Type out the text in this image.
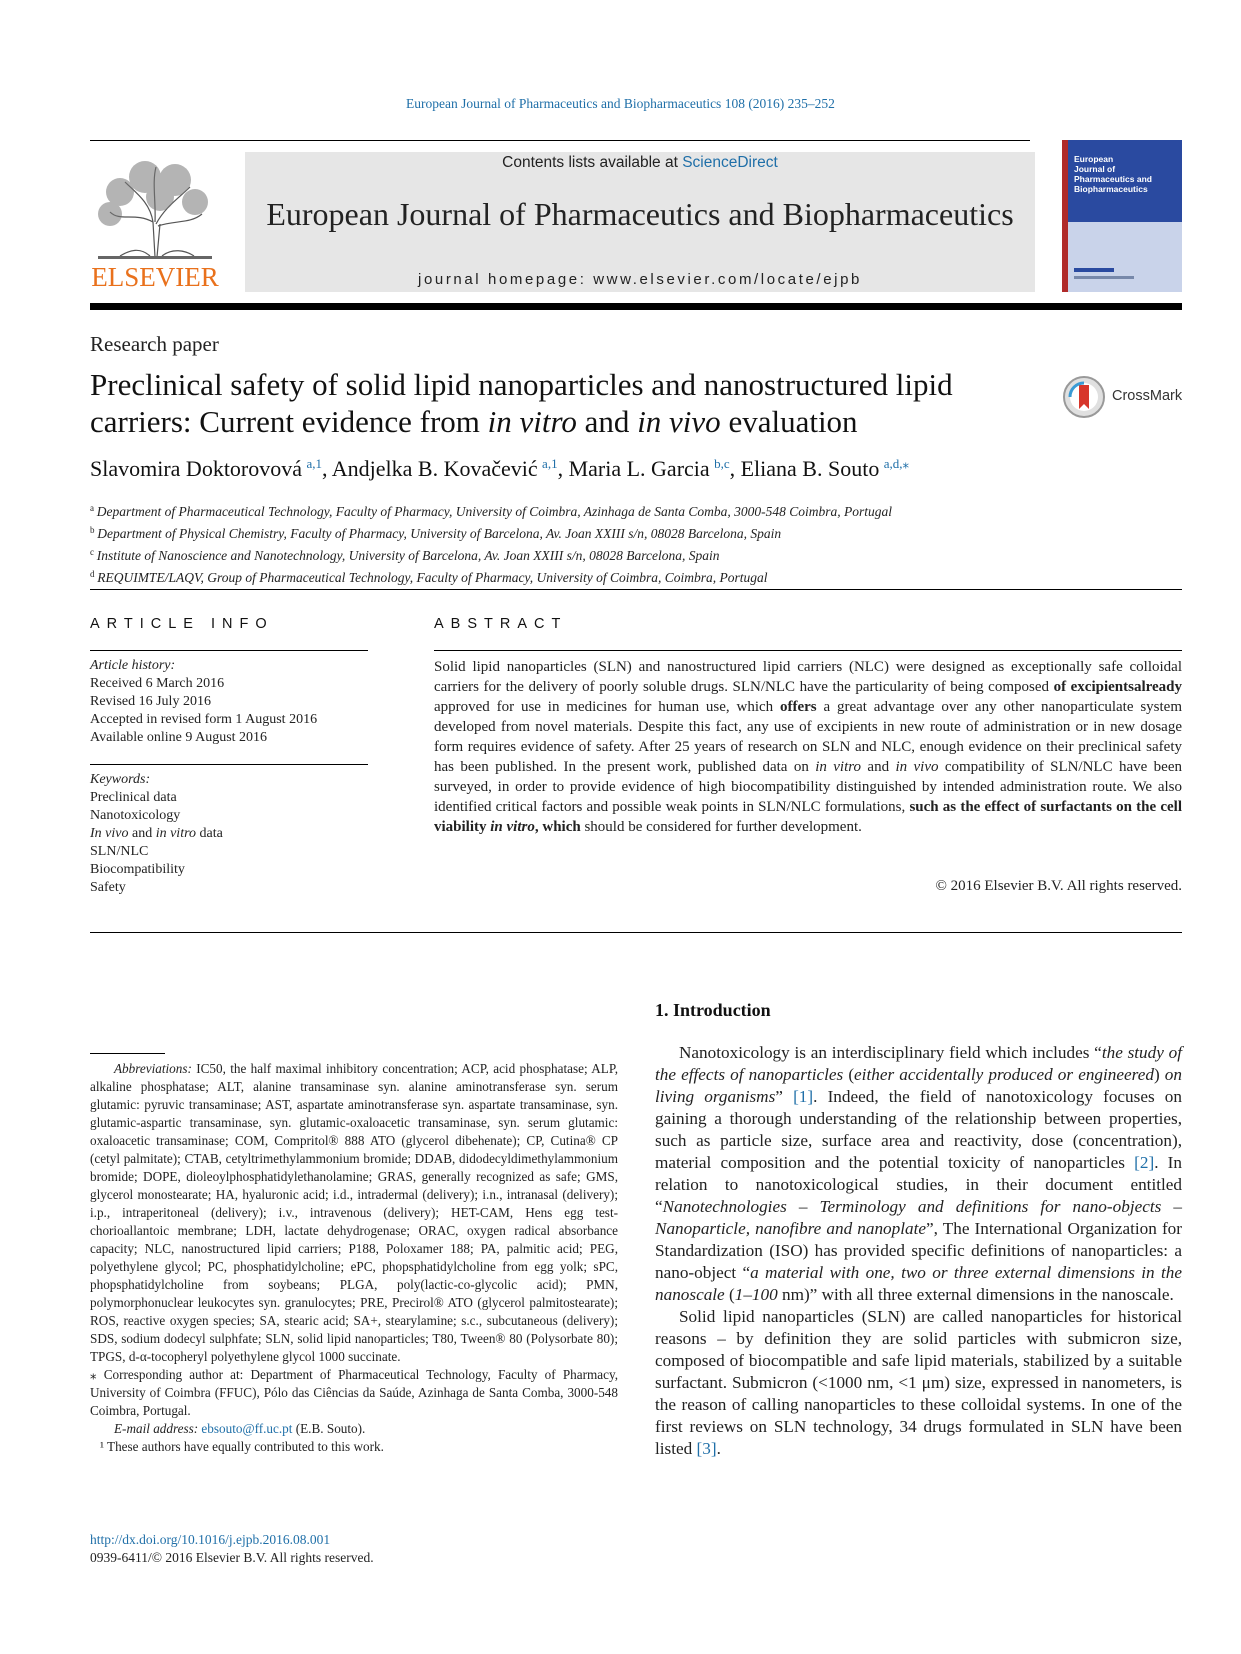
European Journal of Pharmaceutics and Biopharmaceutics 108 (2016) 235–252
ELSEVIER
Contents lists available at ScienceDirect
European Journal of Pharmaceutics and Biopharmaceutics
journal homepage: www.elsevier.com/locate/ejpb
European Journal of Pharmaceutics and Biopharmaceutics
Research paper
Preclinical safety of solid lipid nanoparticles and nanostructured lipid carriers: Current evidence from in vitro and in vivo evaluation
CrossMark
Slavomira Doktorovová  $^{a,1}$, Andjelka B. Kovačević  $^{a,1}$, Maria L. Garcia  $^{b,c}$, Eliana B. Souto  $^{a,d,⁎}$
$^a$  Department of Pharmaceutical Technology, Faculty of Pharmacy, University of Coimbra, Azinhaga de Santa Comba, 3000-548 Coimbra, Portugal
$^b$  Department of Physical Chemistry, Faculty of Pharmacy, University of Barcelona, Av. Joan XXIII s/n, 08028 Barcelona, Spain
$^c$  Institute of Nanoscience and Nanotechnology, University of Barcelona, Av. Joan XXIII s/n, 08028 Barcelona, Spain
$^d$  REQUIMTE/LAQV, Group of Pharmaceutical Technology, Faculty of Pharmacy, University of Coimbra, Coimbra, Portugal
ARTICLE INFO
Article history:
Received 6 March 2016
Revised 16 July 2016
Accepted in revised form 1 August 2016
Available online 9 August 2016
Keywords:
Preclinical data
Nanotoxicology
In vivo and in vitro data
SLN/NLC
Biocompatibility
Safety
ABSTRACT

Solid lipid nanoparticles (SLN) and nanostructured lipid carriers (NLC) were designed as exceptionally safe colloidal carriers for the delivery of poorly soluble drugs. SLN/NLC have the particularity of being composed of excipientsalready approved for use in medicines for human use, which offers a great advantage over any other nanoparticulate system developed from novel materials. Despite this fact, any use of excipients in new route of administration or in new dosage form requires evidence of safety. After 25 years of research on SLN and NLC, enough evidence on their preclinical safety has been published. In the present work, published data on in vitro and in vivo compatibility of SLN/NLC have been surveyed, in order to provide evidence of high biocompatibility distinguished by intended administration route. We also identified critical factors and possible weak points in SLN/NLC formulations, such as the effect of surfactants on the cell viability in vitro, which should be considered for further development.

© 2016 Elsevier B.V. All rights reserved.

Abbreviations: IC50, the half maximal inhibitory concentration; ACP, acid phosphatase; ALP, alkaline phosphatase; ALT, alanine transaminase syn. alanine aminotransferase syn. serum glutamic: pyruvic transaminase; AST, aspartate aminotransferase syn. aspartate transaminase, syn. glutamic-aspartic transaminase, syn. glutamic-oxaloacetic transaminase, syn. serum glutamic: oxaloacetic transaminase; COM, Compritol® 888 ATO (glycerol dibehenate); CP, Cutina® CP (cetyl palmitate); CTAB, cetyltrimethylammonium bromide; DDAB, didodecyldimethylammonium bromide; DOPE, dioleoylphosphatidylethanolamine; GRAS, generally recognized as safe; GMS, glycerol monostearate; HA, hyaluronic acid; i.d., intradermal (delivery); i.n., intranasal (delivery); i.p., intraperitoneal (delivery); i.v., intravenous (delivery); HET-CAM, Hens egg test-chorioallantoic membrane; LDH, lactate dehydrogenase; ORAC, oxygen radical absorbance capacity; NLC, nanostructured lipid carriers; P188, Poloxamer 188; PA, palmitic acid; PEG, polyethylene glycol; PC, phosphatidylcholine; ePC, phopsphatidylcholine from egg yolk; sPC, phopsphatidylcholine from soybeans; PLGA, poly(lactic-co-glycolic acid); PMN, polymorphonuclear leukocytes syn. granulocytes; PRE, Precirol® ATO (glycerol palmitostearate); ROS, reactive oxygen species; SA, stearic acid; SA+, stearylamine; s.c., subcutaneous (delivery); SDS, sodium dodecyl sulphfate; SLN, solid lipid nanoparticles; T80, Tween® 80 (Polysorbate 80); TPGS, d-α-tocopheryl polyethylene glycol 1000 succinate.

⁎ Corresponding author at: Department of Pharmaceutical Technology, Faculty of Pharmacy, University of Coimbra (FFUC), Pólo das Ciências da Saúde, Azinhaga de Santa Comba, 3000-548 Coimbra, Portugal.

E-mail address: ebsouto@ff.uc.pt (E.B. Souto).

¹ These authors have equally contributed to this work.

http://dx.doi.org/10.1016/j.ejpb.2016.08.001
0939-6411/© 2016 Elsevier B.V. All rights reserved.
1. Introduction

Nanotoxicology is an interdisciplinary field which includes “the study of the effects of nanoparticles (either accidentally produced or engineered) on living organisms” [1]. Indeed, the field of nanotoxicology focuses on gaining a thorough understanding of the relationship between properties, such as particle size, surface area and reactivity, dose (concentration), material composition and the potential toxicity of nanoparticles [2]. In relation to nanotoxicological studies, in their document entitled “Nanotechnologies – Terminology and definitions for nano-objects – Nanoparticle, nanofibre and nanoplate”, The International Organization for Standardization (ISO) has provided specific definitions of nanoparticles: a nano-object “a material with one, two or three external dimensions in the nanoscale (1–100 nm)” with all three external dimensions in the nanoscale.

Solid lipid nanoparticles (SLN) are called nanoparticles for historical reasons – by definition they are solid particles with submicron size, composed of biocompatible and safe lipid materials, stabilized by a suitable surfactant. Submicron (<1000 nm, <1 μm) size, expressed in nanometers, is the reason of calling nanoparticles to these colloidal systems. In one of the first reviews on SLN technology, 34 drugs formulated in SLN have been listed [3].
